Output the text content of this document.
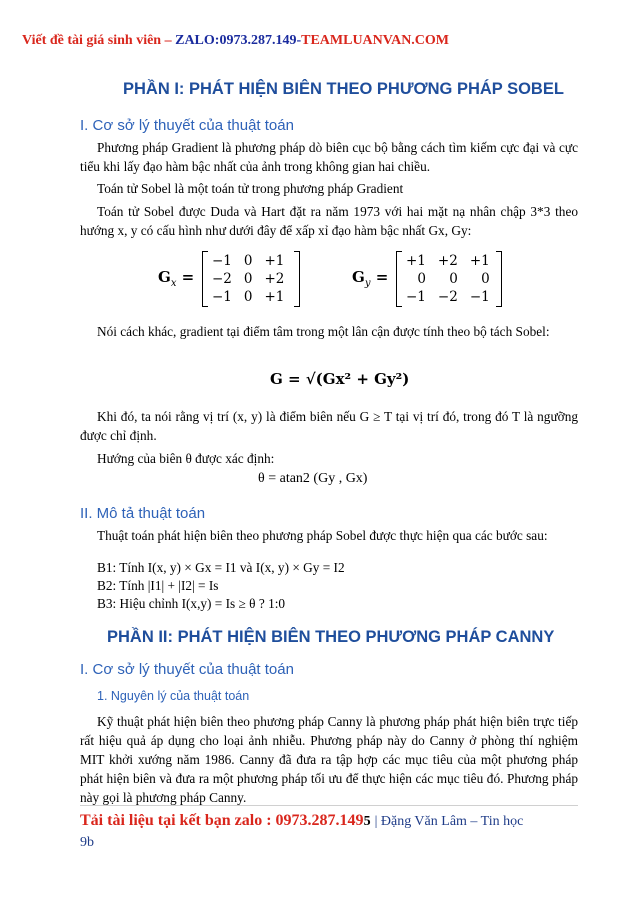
Viết đề tài giá sinh viên – ZALO:0973.287.149-TEAMLUANVAN.COM
PHẦN I: PHÁT HIỆN BIÊN THEO PHƯƠNG PHÁP SOBEL
I. Cơ sở lý thuyết của thuật toán
Phương pháp Gradient là phương pháp dò biên cục bộ bằng cách tìm kiếm cực đại và cực tiểu khi lấy đạo hàm bậc nhất của ảnh trong không gian hai chiều.
Toán tử Sobel là một toán tử trong phương pháp Gradient
Toán tử Sobel được Duda và Hart đặt ra năm 1973 với hai mặt nạ nhân chập 3*3 theo hướng x, y có cấu hình như dưới đây để xấp xỉ đạo hàm bậc nhất Gx, Gy:
$G_x$ =
−1	0	+1
−2	0	+2
−1	0	+1
$G_y$ =
+1	+2	+1
0	0	0
−1	−2	−1
Nói cách khác, gradient tại điểm tâm trong một lân cận được tính theo bộ tách Sobel:
G = √(Gx² + Gy²)
Khi đó, ta nói rằng vị trí (x, y) là điểm biên nếu G ≥ T tại vị trí đó, trong đó T là ngưỡng được chỉ định.
Hướng của biên θ được xác định:
θ = atan2 (Gy , Gx)
II. Mô tả thuật toán
Thuật toán phát hiện biên theo phương pháp Sobel được thực hiện qua các bước sau:
B1: Tính I(x, y) × Gx = I1 và I(x, y) × Gy = I2
B2: Tính |I1| + |I2| = Is
B3: Hiệu chỉnh I(x,y) = Is ≥ θ ? 1:0
PHẦN II: PHÁT HIỆN BIÊN THEO PHƯƠNG PHÁP CANNY
I. Cơ sở lý thuyết của thuật toán
1. Nguyên lý của thuật toán
Kỹ thuật phát hiện biên theo phương pháp Canny là phương pháp phát hiện biên trực tiếp rất hiệu quả áp dụng cho loại ảnh nhiễu. Phương pháp này do Canny ở phòng thí nghiệm MIT khởi xướng năm 1986. Canny đã đưa ra tập hợp các mục tiêu của một phương pháp phát hiện biên và đưa ra một phương pháp tối ưu để thực hiện các mục tiêu đó. Phương pháp này gọi là phương pháp Canny.
Tải tài liệu tại kết bạn zalo : 0973.287.1495 | Đặng Văn Lâm – Tin học
9b
